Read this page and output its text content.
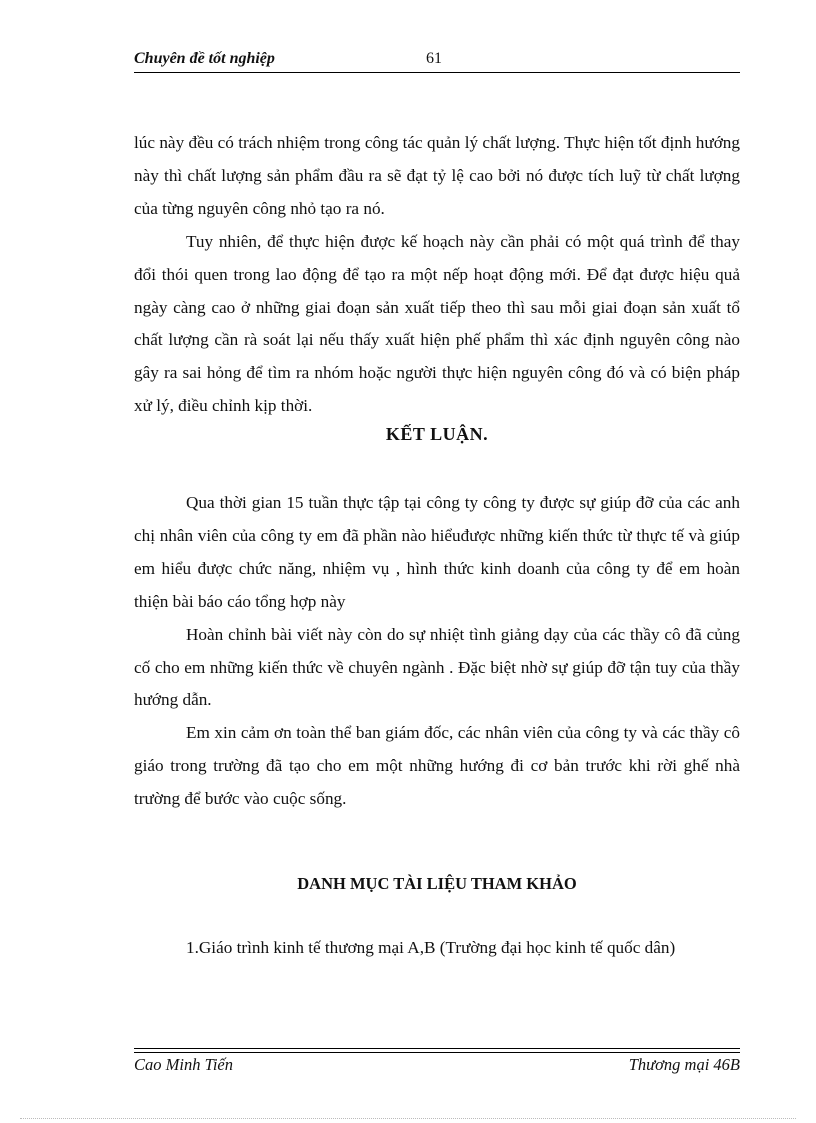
Chuyên đề tốt nghiệp	61

lúc này đều có trách nhiệm trong công tác quản lý chất lượng. Thực hiện tốt định hướng này thì chất lượng sản phẩm đầu ra sẽ đạt tỷ lệ cao bởi nó được tích luỹ từ chất lượng của từng nguyên công nhỏ tạo ra nó.

Tuy nhiên, để thực hiện được kế hoạch này cần phải có một quá trình để thay đổi thói quen trong lao động để tạo ra một nếp hoạt động mới. Để đạt được hiệu quả ngày càng cao ở những giai đoạn sản xuất tiếp theo thì sau mỗi giai đoạn sản xuất tổ chất lượng cần rà soát lại nếu thấy xuất hiện phế phẩm thì xác định nguyên công nào gây ra sai hỏng để tìm ra nhóm hoặc người thực hiện nguyên công đó và có biện pháp xử lý, điều chỉnh kịp thời.

KẾT LUẬN.

Qua thời gian 15 tuần thực tập tại công ty công ty được sự giúp đỡ của các anh chị nhân viên của công ty em đã phần nào hiểuđược những kiến thức từ thực tế và giúp em hiểu được chức năng, nhiệm vụ , hình thức kinh doanh của công ty để em hoàn thiện bài báo cáo tổng hợp này

Hoàn chỉnh bài viết này còn do sự nhiệt tình giảng dạy của các thầy cô đã củng cố cho em những kiến thức về chuyên ngành . Đặc biệt nhờ sự giúp đỡ tận tuy của thầy hướng dẫn.

Em xin cảm ơn toàn thể ban giám đốc, các nhân viên của công ty và các thầy cô giáo trong trường đã tạo cho em một những hướng đi cơ bản trước khi rời ghế nhà trường để bước vào cuộc sống.

DANH MỤC TÀI LIỆU THAM KHẢO
1.Giáo trình kinh tế thương mại A,B (Trường đại học kinh tế quốc dân)
Cao Minh Tiến	Thương mại 46B
